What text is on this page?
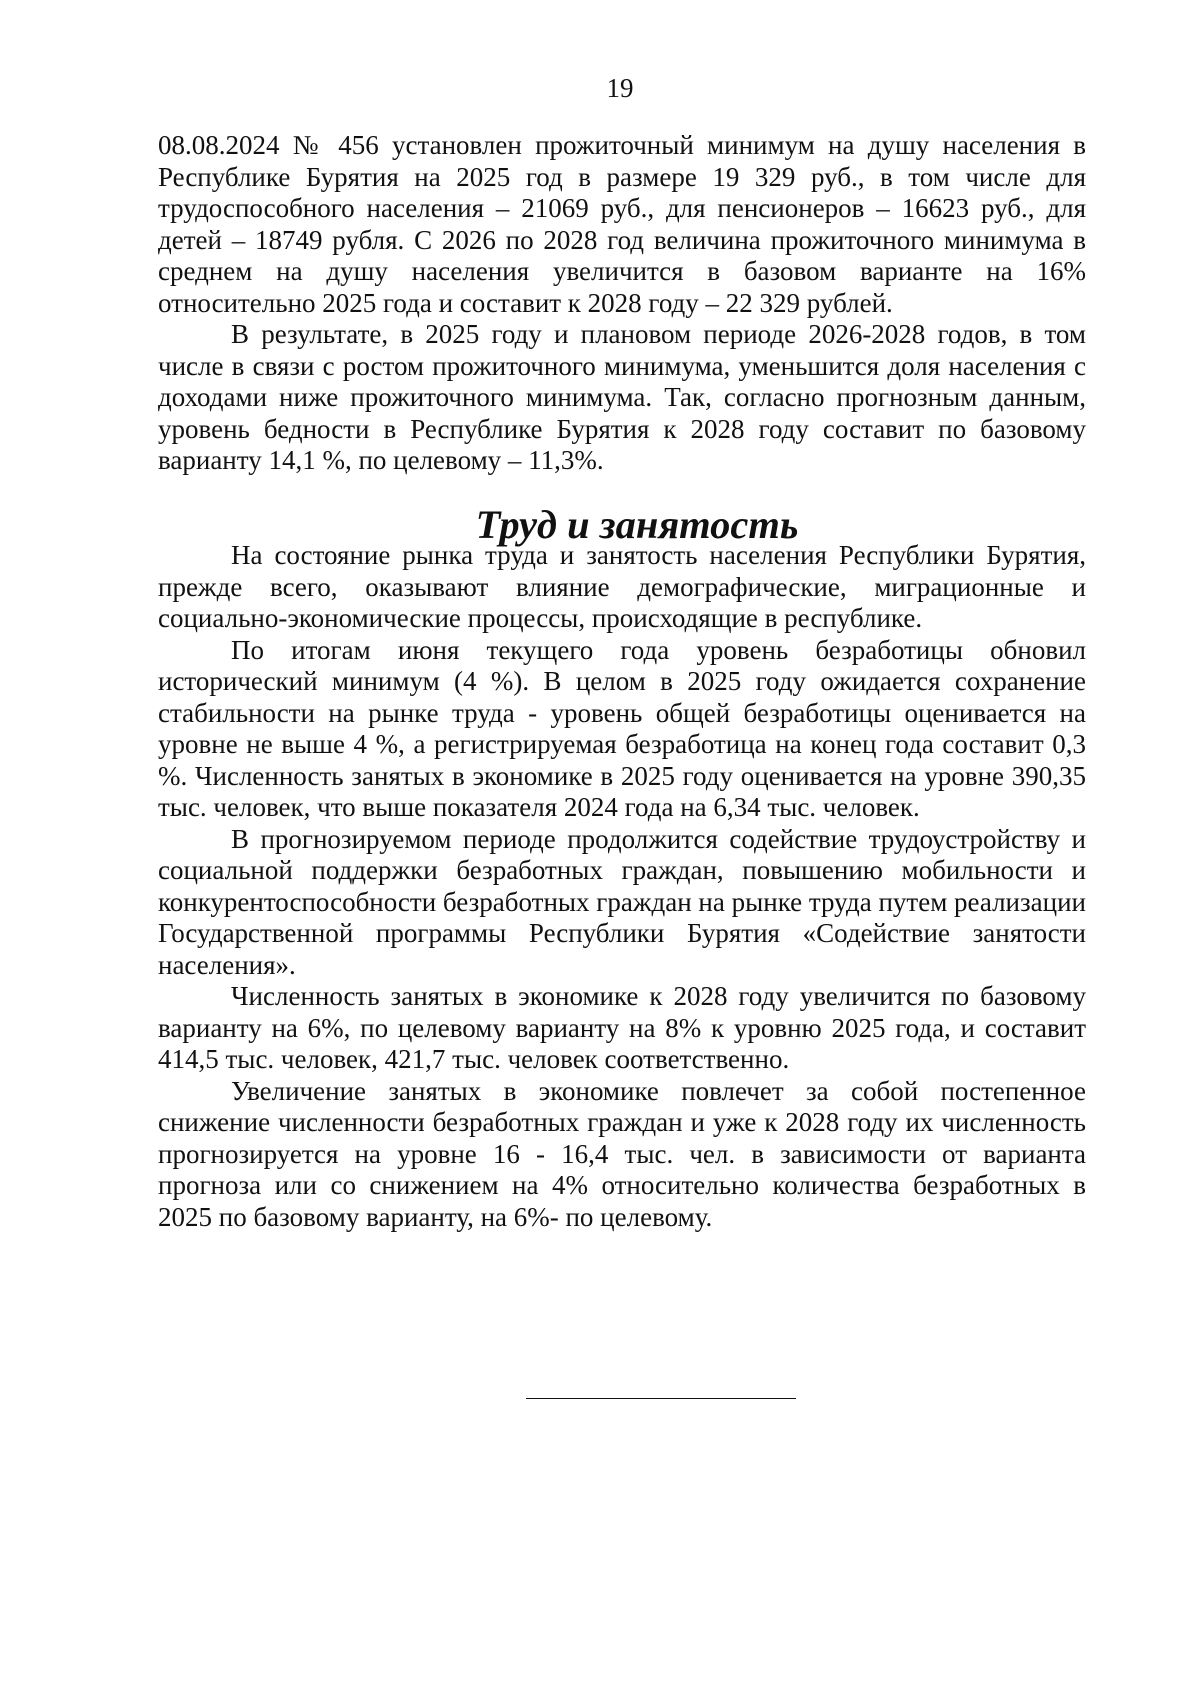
19

08.08.2024 № 456 установлен прожиточный минимум на душу населения в Республике Бурятия на 2025 год в размере 19 329 руб., в том числе для трудоспособного населения – 21069 руб., для пенсионеров – 16623 руб., для детей – 18749 рубля. С 2026 по 2028 год величина прожиточного минимума в среднем на душу населения увеличится в базовом варианте на 16% относительно 2025 года и составит к 2028 году – 22 329 рублей.

В результате, в 2025 году и плановом периоде 2026-2028 годов, в том числе в связи с ростом прожиточного минимума, уменьшится доля населения с доходами ниже прожиточного минимума. Так, согласно прогнозным данным, уровень бедности в Республике Бурятия к 2028 году составит по базовому варианту 14,1 %, по целевому – 11,3%.

Труд и занятость

На состояние рынка труда и занятость населения Республики Бурятия, прежде всего, оказывают влияние демографические, миграционные и социально-экономические процессы, происходящие в республике.

По итогам июня текущего года уровень безработицы обновил исторический минимум (4 %). В целом в 2025 году ожидается сохранение стабильности на рынке труда - уровень общей безработицы оценивается на уровне не выше 4 %, а регистрируемая безработица на конец года составит 0,3 %. Численность занятых в экономике в 2025 году оценивается на уровне 390,35 тыс. человек, что выше показателя 2024 года на 6,34 тыс. человек.

В прогнозируемом периоде продолжится содействие трудоустройству и социальной поддержки безработных граждан, повышению мобильности и конкурентоспособности безработных граждан на рынке труда путем реализации Государственной программы Республики Бурятия «Содействие занятости населения».

Численность занятых в экономике к 2028 году увеличится по базовому варианту на 6%, по целевому варианту на 8% к уровню 2025 года, и составит 414,5 тыс. человек, 421,7 тыс. человек соответственно.

Увеличение занятых в экономике повлечет за собой постепенное снижение численности безработных граждан и уже к 2028 году их численность прогнозируется на уровне 16 - 16,4 тыс. чел. в зависимости от варианта прогноза или со снижением на 4% относительно количества безработных в 2025 по базовому варианту, на 6%- по целевому.
